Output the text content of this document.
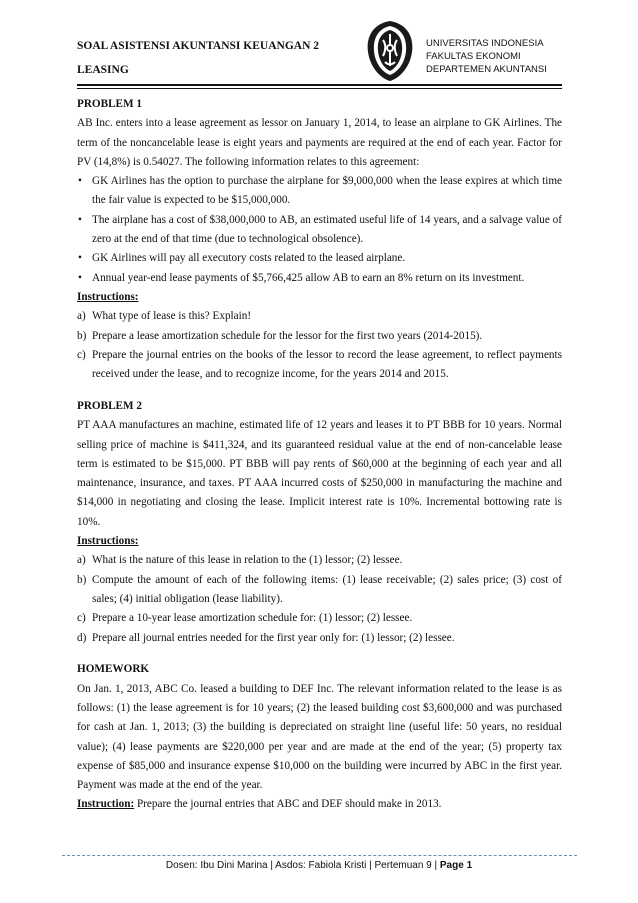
SOAL ASISTENSI AKUNTANSI KEUANGAN 2
LEASING
UNIVERSITAS INDONESIA
FAKULTAS EKONOMI
DEPARTEMEN AKUNTANSI

PROBLEM 1

AB Inc. enters into a lease agreement as lessor on January 1, 2014, to lease an airplane to GK Airlines. The term of the noncancelable lease is eight years and payments are required at the end of each year. Factor for PV (14,8%) is 0.54027. The following information relates to this agreement:

• GK Airlines has the option to purchase the airplane for $9,000,000 when the lease expires at which time the fair value is expected to be $15,000,000.
• The airplane has a cost of $38,000,000 to AB, an estimated useful life of 14 years, and a salvage value of zero at the end of that time (due to technological obsolence).
• GK Airlines will pay all executory costs related to the leased airplane.
• Annual year-end lease payments of $5,766,425 allow AB to earn an 8% return on its investment.

Instructions:

a) What type of lease is this? Explain!
b) Prepare a lease amortization schedule for the lessor for the first two years (2014-2015).
c) Prepare the journal entries on the books of the lessor to record the lease agreement, to reflect payments received under the lease, and to recognize income, for the years 2014 and 2015.

PROBLEM 2

PT AAA manufactures an machine, estimated life of 12 years and leases it to PT BBB for 10 years. Normal selling price of machine is $411,324, and its guaranteed residual value at the end of non-cancelable lease term is estimated to be $15,000. PT BBB will pay rents of $60,000 at the beginning of each year and all maintenance, insurance, and taxes. PT AAA incurred costs of $250,000 in manufacturing the machine and $14,000 in negotiating and closing the lease. Implicit interest rate is 10%. Incremental bottowing rate is 10%.

Instructions:

a) What is the nature of this lease in relation to the (1) lessor; (2) lessee.
b) Compute the amount of each of the following items: (1) lease receivable; (2) sales price; (3) cost of sales; (4) initial obligation (lease liability).
c) Prepare a 10-year lease amortization schedule for: (1) lessor; (2) lessee.
d) Prepare all journal entries needed for the first year only for: (1) lessor; (2) lessee.

HOMEWORK

On Jan. 1, 2013, ABC Co. leased a building to DEF Inc. The relevant information related to the lease is as follows: (1) the lease agreement is for 10 years; (2) the leased building cost $3,600,000 and was purchased for cash at Jan. 1, 2013; (3) the building is depreciated on straight line (useful life: 50 years, no residual value); (4) lease payments are $220,000 per year and are made at the end of the year; (5) property tax expense of $85,000 and insurance expense $10,000 on the building were incurred by ABC in the first year. Payment was made at the end of the year.

Instruction: Prepare the journal entries that ABC and DEF should make in 2013.

Dosen: Ibu Dini Marina | Asdos: Fabiola Kristi | Pertemuan 9 | Page 1
